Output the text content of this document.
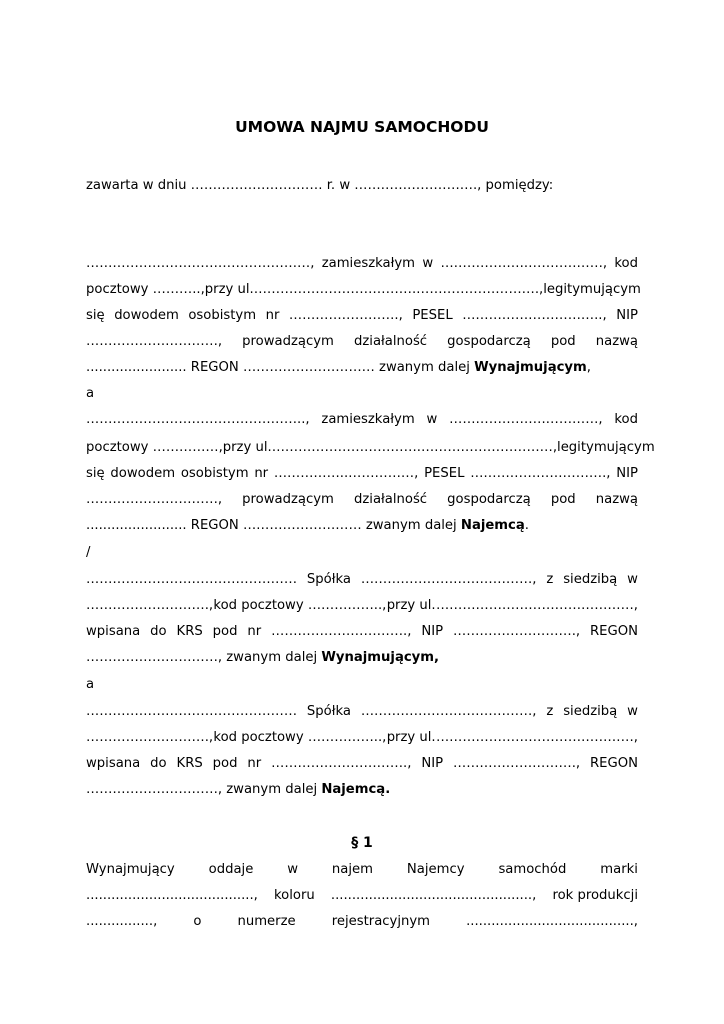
UMOWA NAJMU SAMOCHODU
zawarta w dniu ………………………… r. w ………………………., pomiędzy:
……………………………………………, zamieszkałym w ……………….………………, kod
pocztowy ……….., przy ul. ……………………………….………………………., legitymującym
się dowodem osobistym nr ……………………., PESEL ………………………….., NIP
…………………………, prowadzącym działalność gospodarczą pod nazwą
........................ REGON ………………………… zwanym dalej Wynajmującym,
a
………………………………………….., zamieszkałym w ………………….…………, kod
pocztowy ……………, przy ul. …………………………….…………………………, legitymującym
się dowodem osobistym nr ……………..……………, PESEL …………………………., NIP
…………………………, prowadzącym działalność gospodarczą pod nazwą
........................ REGON ……………………… zwanym dalej Najemcą.
/
………………………………………… Spółka …………………………………, z siedzibą w
………………………., kod pocztowy …………….., przy ul. ………………………………………,
wpisana do KRS pod nr …………………………., NIP ………………………., REGON
…………………………, zwanym dalej Wynajmującym,
a
………………………………………… Spółka …………………………………, z siedzibą w
………………………., kod pocztowy …………….., przy ul. ………………………………………,
wpisana do KRS pod nr …………………………., NIP ………………………., REGON
…………………………, zwanym dalej Najemcą.
§ 1
Wynajmujący	oddaje	w	najem	Najemcy	samochód	marki
........................................, koloru ................................................, rok produkcji
................,	o	numerze	rejestracyjnym	........................................,
